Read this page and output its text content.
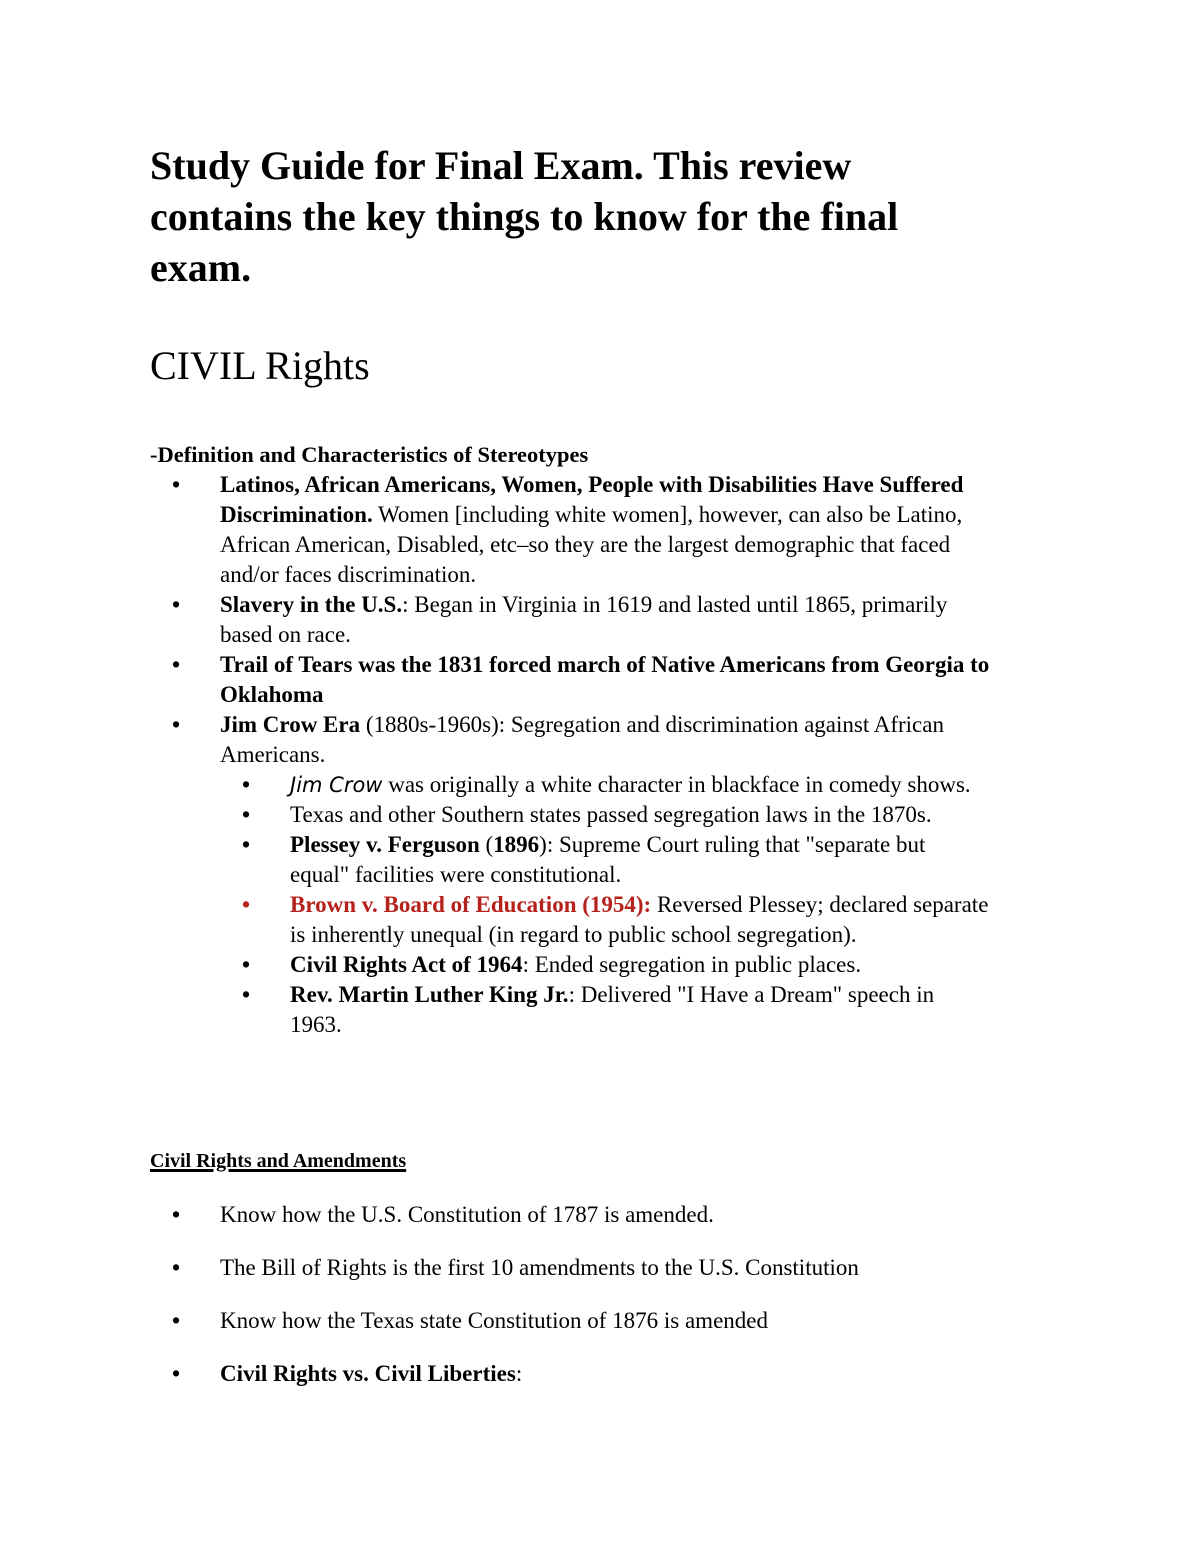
Study Guide for Final Exam. This review
contains the key things to know for the final
exam.
CIVIL Rights

-Definition and Characteristics of Stereotypes

• Latinos, African Americans, Women, People with Disabilities Have Suffered Discrimination. Women [including white women], however, can also be Latino, African American, Disabled, etc–so they are the largest demographic that faced and/or faces discrimination.
• Slavery in the U.S.: Began in Virginia in 1619 and lasted until 1865, primarily based on race.
• Trail of Tears was the 1831 forced march of Native Americans from Georgia to Oklahoma
• Jim Crow Era (1880s-1960s): Segregation and discrimination against African Americans.
• Jim Crow was originally a white character in blackface in comedy shows.
• Texas and other Southern states passed segregation laws in the 1870s.
• Plessey v. Ferguson (1896): Supreme Court ruling that "separate but equal" facilities were constitutional.
• Brown v. Board of Education (1954): Reversed Plessey; declared separate is inherently unequal (in regard to public school segregation).
• Civil Rights Act of 1964: Ended segregation in public places.
• Rev. Martin Luther King Jr.: Delivered "I Have a Dream" speech in 1963.

Civil Rights and Amendments

• Know how the U.S. Constitution of 1787 is amended.
• The Bill of Rights is the first 10 amendments to the U.S. Constitution
• Know how the Texas state Constitution of 1876 is amended
• Civil Rights vs. Civil Liberties:
